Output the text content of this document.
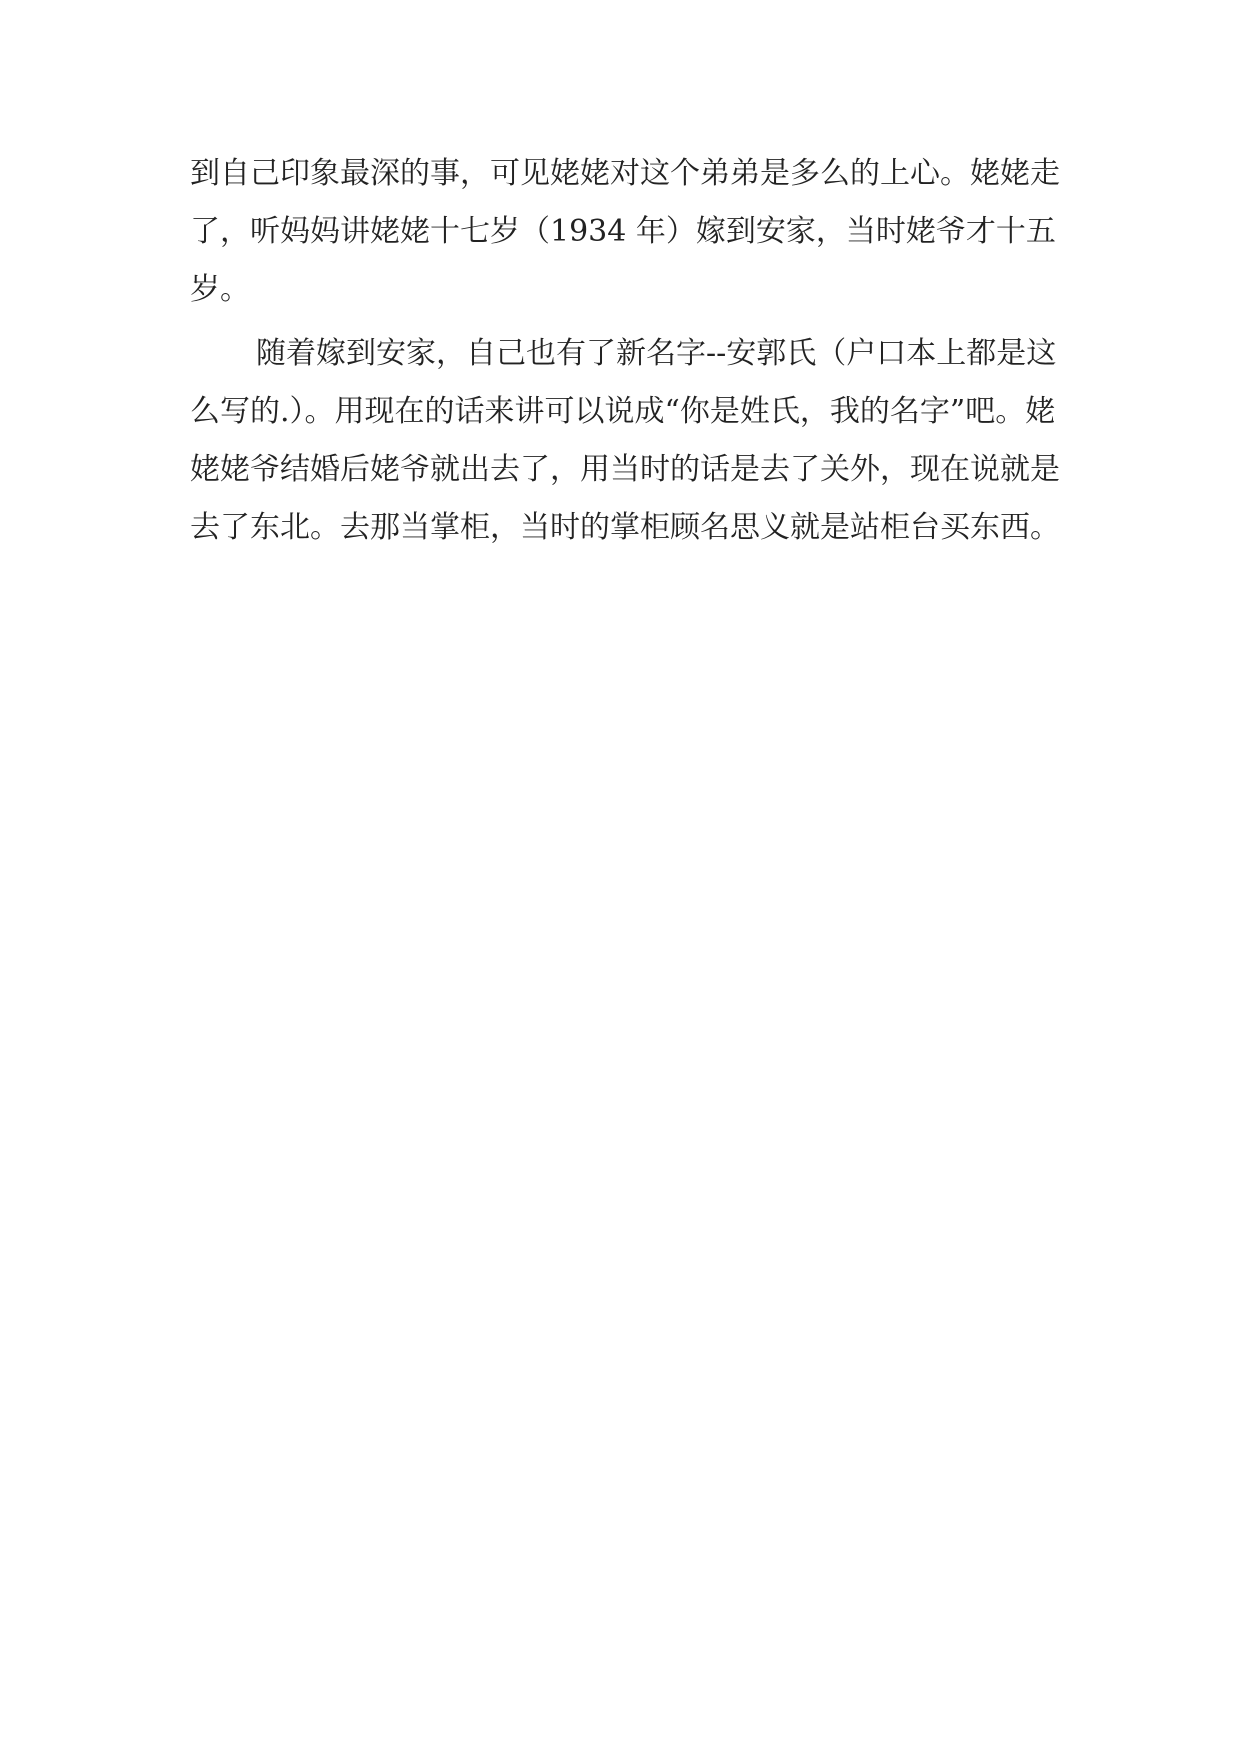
到自己印象最深的事，可见姥姥对这个弟弟是多么的上心。姥姥走了，听妈妈讲姥姥十七岁（1934 年）嫁到安家，当时姥爷才十五岁。

随着嫁到安家，自己也有了新名字--安郭氏（户口本上都是这么写的.）。用现在的话来讲可以说成“你是姓氏，我的名字”吧。姥姥姥爷结婚后姥爷就出去了，用当时的话是去了关外，现在说就是去了东北。去那当掌柜，当时的掌柜顾名思义就是站柜台买东西。
